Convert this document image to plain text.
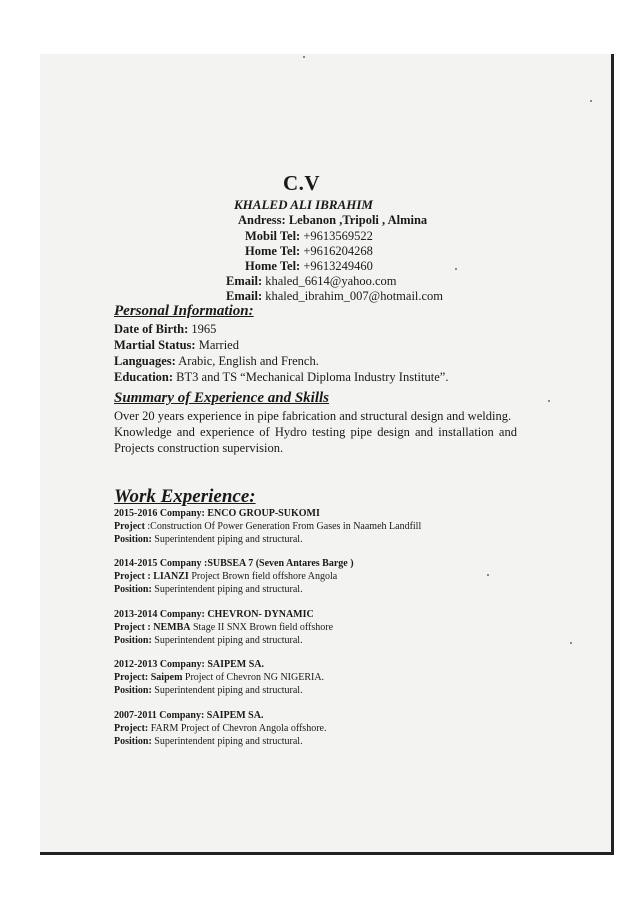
C.V
KHALED ALI IBRAHIM
Andress: Lebanon ,Tripoli , Almina
Mobil Tel: +9613569522
Home Tel: +9616204268
Home Tel: +9613249460
Email: khaled_6614@yahoo.com
Email: khaled_ibrahim_007@hotmail.com
Personal Information:
Date of Birth: 1965
Martial Status: Married
Languages: Arabic, English and French.
Education: BT3 and TS “Mechanical Diploma Industry Institute”.
Summary of Experience and Skills

Over 20 years experience in pipe fabrication and structural design and welding.

Knowledge and experience of Hydro testing pipe design and installation and Projects construction supervision.

Work Experience:
2015-2016 Company: ENCO GROUP-SUKOMI
Project :Construction Of Power Generation From Gases in Naameh Landfill
Position: Superintendent piping and structural.
2014-2015 Company :SUBSEA 7 (Seven Antares Barge )
Project : LIANZI Project Brown field offshore Angola
Position: Superintendent piping and structural.
2013-2014 Company: CHEVRON- DYNAMIC
Project : NEMBA Stage II SNX Brown field offshore
Position: Superintendent piping and structural.
2012-2013 Company: SAIPEM SA.
Project: Saipem Project of Chevron NG NIGERIA.
Position: Superintendent piping and structural.
2007-2011 Company: SAIPEM SA.
Project: FARM Project of Chevron Angola offshore.
Position: Superintendent piping and structural.
